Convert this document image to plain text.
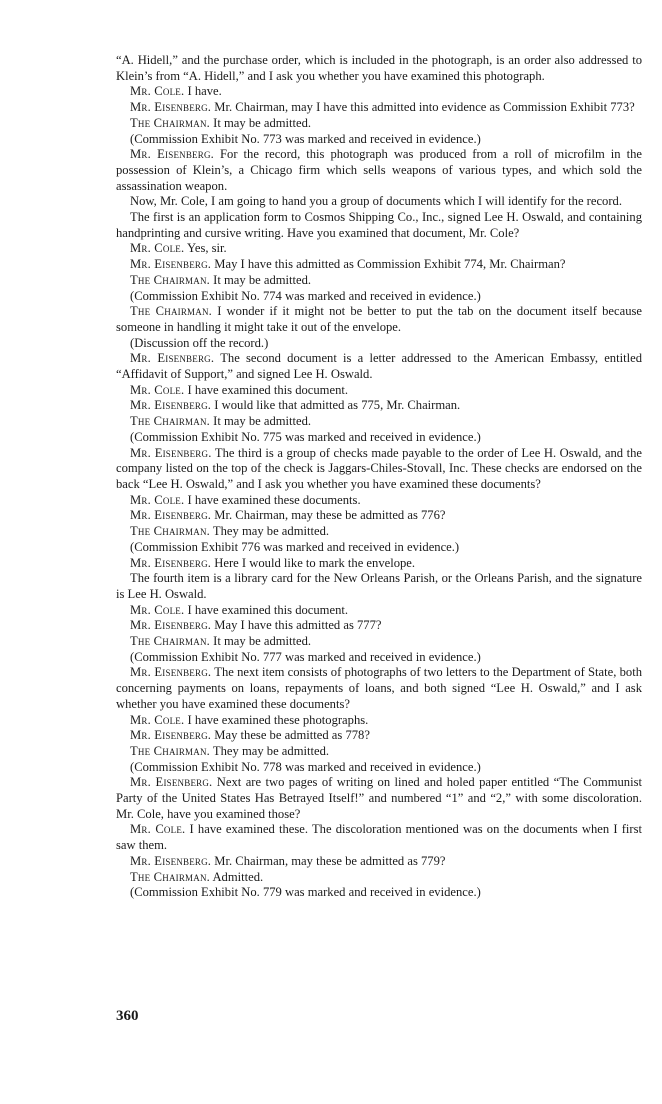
“A. Hidell,” and the purchase order, which is included in the photograph, is an order also addressed to Klein’s from “A. Hidell,” and I ask you whether you have examined this photograph.

Mr. Cole. I have.

Mr. Eisenberg. Mr. Chairman, may I have this admitted into evidence as Commission Exhibit 773?

The Chairman. It may be admitted.

(Commission Exhibit No. 773 was marked and received in evidence.)

Mr. Eisenberg. For the record, this photograph was produced from a roll of microfilm in the possession of Klein’s, a Chicago firm which sells weapons of various types, and which sold the assassination weapon.

Now, Mr. Cole, I am going to hand you a group of documents which I will identify for the record.

The first is an application form to Cosmos Shipping Co., Inc., signed Lee H. Oswald, and containing handprinting and cursive writing. Have you examined that document, Mr. Cole?

Mr. Cole. Yes, sir.

Mr. Eisenberg. May I have this admitted as Commission Exhibit 774, Mr. Chairman?

The Chairman. It may be admitted.

(Commission Exhibit No. 774 was marked and received in evidence.)

The Chairman. I wonder if it might not be better to put the tab on the document itself because someone in handling it might take it out of the envelope.

(Discussion off the record.)

Mr. Eisenberg. The second document is a letter addressed to the American Embassy, entitled “Affidavit of Support,” and signed Lee H. Oswald.

Mr. Cole. I have examined this document.

Mr. Eisenberg. I would like that admitted as 775, Mr. Chairman.

The Chairman. It may be admitted.

(Commission Exhibit No. 775 was marked and received in evidence.)

Mr. Eisenberg. The third is a group of checks made payable to the order of Lee H. Oswald, and the company listed on the top of the check is Jaggars-Chiles-Stovall, Inc. These checks are endorsed on the back “Lee H. Oswald,” and I ask you whether you have examined these documents?

Mr. Cole. I have examined these documents.

Mr. Eisenberg. Mr. Chairman, may these be admitted as 776?

The Chairman. They may be admitted.

(Commission Exhibit 776 was marked and received in evidence.)

Mr. Eisenberg. Here I would like to mark the envelope.

The fourth item is a library card for the New Orleans Parish, or the Orleans Parish, and the signature is Lee H. Oswald.

Mr. Cole. I have examined this document.

Mr. Eisenberg. May I have this admitted as 777?

The Chairman. It may be admitted.

(Commission Exhibit No. 777 was marked and received in evidence.)

Mr. Eisenberg. The next item consists of photographs of two letters to the Department of State, both concerning payments on loans, repayments of loans, and both signed “Lee H. Oswald,” and I ask whether you have examined these documents?

Mr. Cole. I have examined these photographs.

Mr. Eisenberg. May these be admitted as 778?

The Chairman. They may be admitted.

(Commission Exhibit No. 778 was marked and received in evidence.)

Mr. Eisenberg. Next are two pages of writing on lined and holed paper entitled “The Communist Party of the United States Has Betrayed Itself!” and numbered “1” and “2,” with some discoloration. Mr. Cole, have you examined those?

Mr. Cole. I have examined these. The discoloration mentioned was on the documents when I first saw them.

Mr. Eisenberg. Mr. Chairman, may these be admitted as 779?

The Chairman. Admitted.

(Commission Exhibit No. 779 was marked and received in evidence.)

360
